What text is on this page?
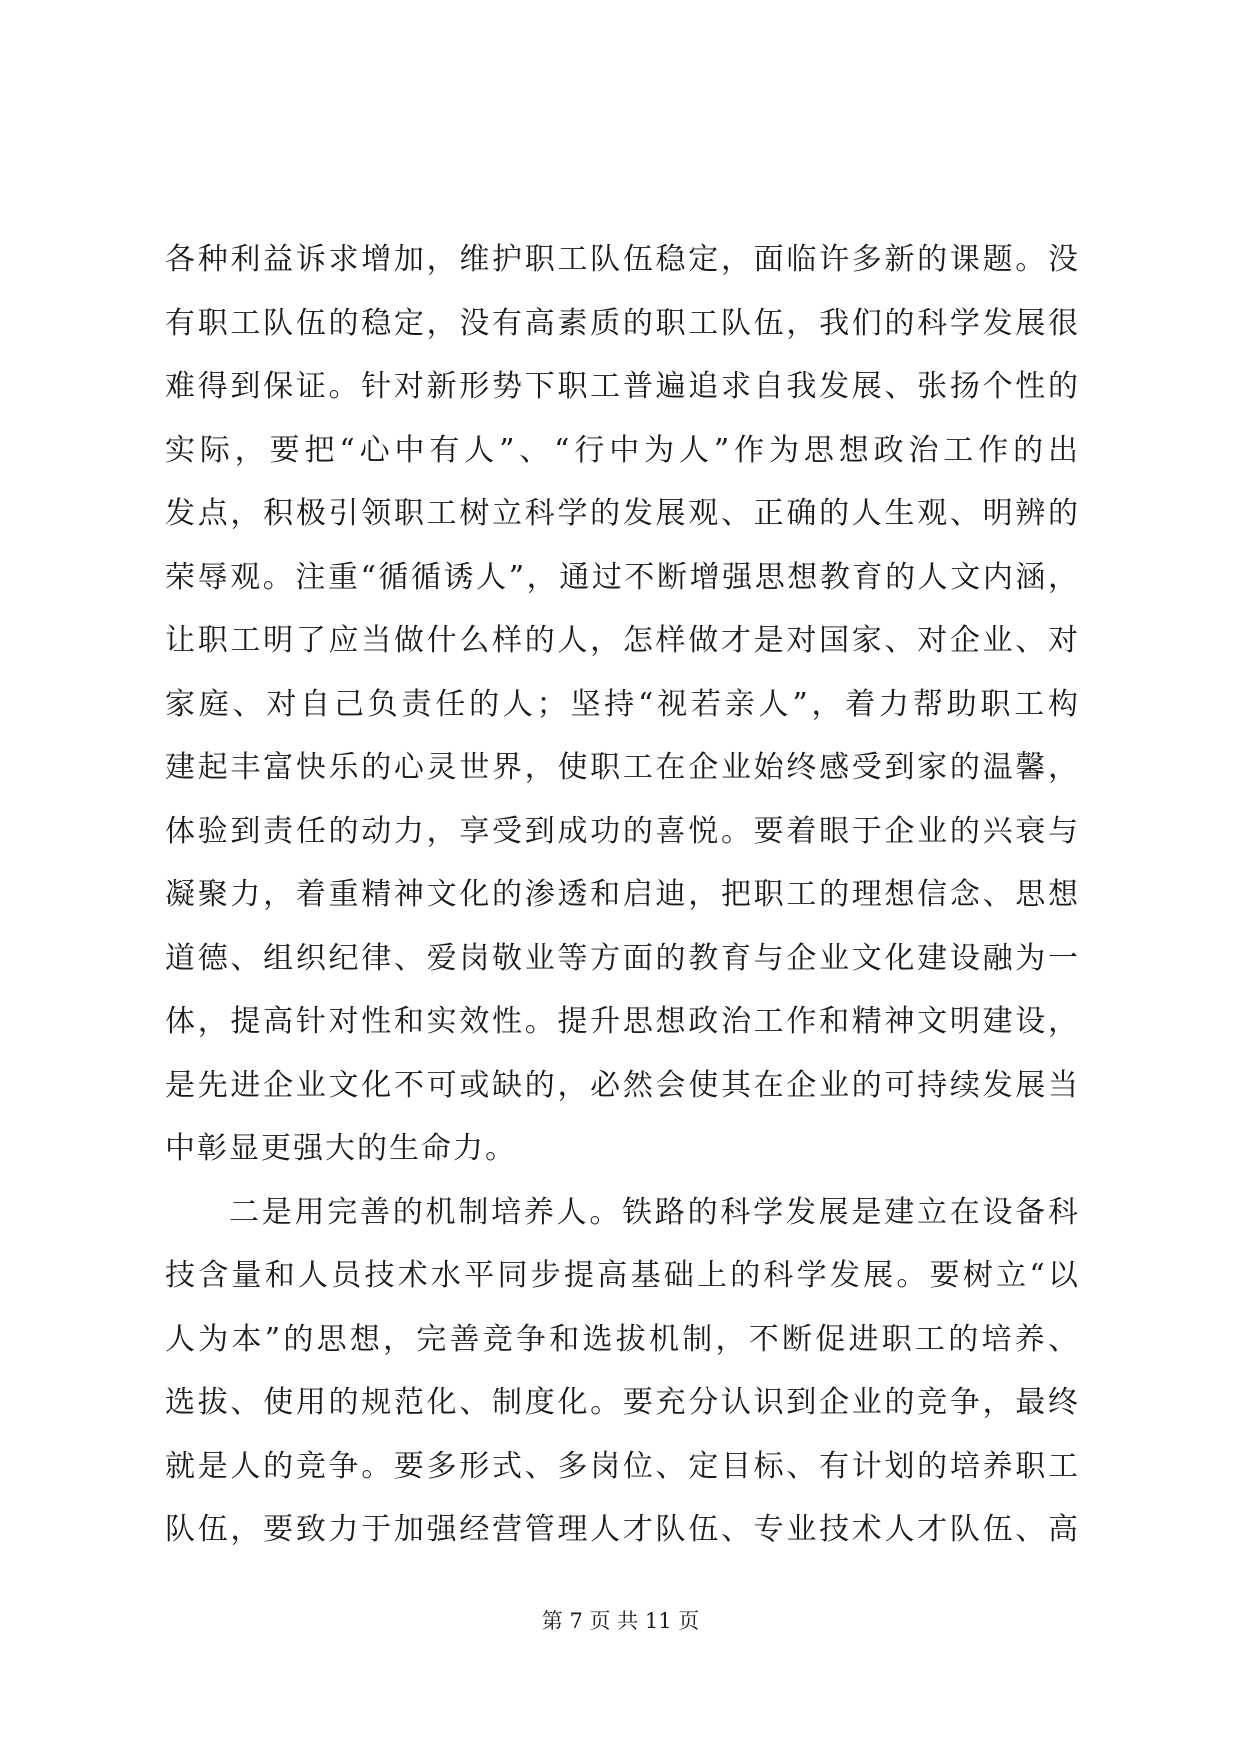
各种利益诉求增加，维护职工队伍稳定，面临许多新的课题。没
有职工队伍的稳定，没有高素质的职工队伍，我们的科学发展很
难得到保证。针对新形势下职工普遍追求自我发展、张扬个性的
实际，要把“心中有人”、“行中为人”作为思想政治工作的出
发点，积极引领职工树立科学的发展观、正确的人生观、明辨的
荣辱观。注重“循循诱人”，通过不断增强思想教育的人文内涵，
让职工明了应当做什么样的人，怎样做才是对国家、对企业、对
家庭、对自己负责任的人；坚持“视若亲人”，着力帮助职工构
建起丰富快乐的心灵世界，使职工在企业始终感受到家的温馨，
体验到责任的动力，享受到成功的喜悦。要着眼于企业的兴衰与
凝聚力，着重精神文化的渗透和启迪，把职工的理想信念、思想
道德、组织纪律、爱岗敬业等方面的教育与企业文化建设融为一
体，提高针对性和实效性。提升思想政治工作和精神文明建设，
是先进企业文化不可或缺的，必然会使其在企业的可持续发展当
中彰显更强大的生命力。
二是用完善的机制培养人。铁路的科学发展是建立在设备科
技含量和人员技术水平同步提高基础上的科学发展。要树立“以
人为本”的思想，完善竞争和选拔机制，不断促进职工的培养、
选拔、使用的规范化、制度化。要充分认识到企业的竞争，最终
就是人的竞争。要多形式、多岗位、定目标、有计划的培养职工
队伍，要致力于加强经营管理人才队伍、专业技术人才队伍、高
第 7 页 共 11 页
